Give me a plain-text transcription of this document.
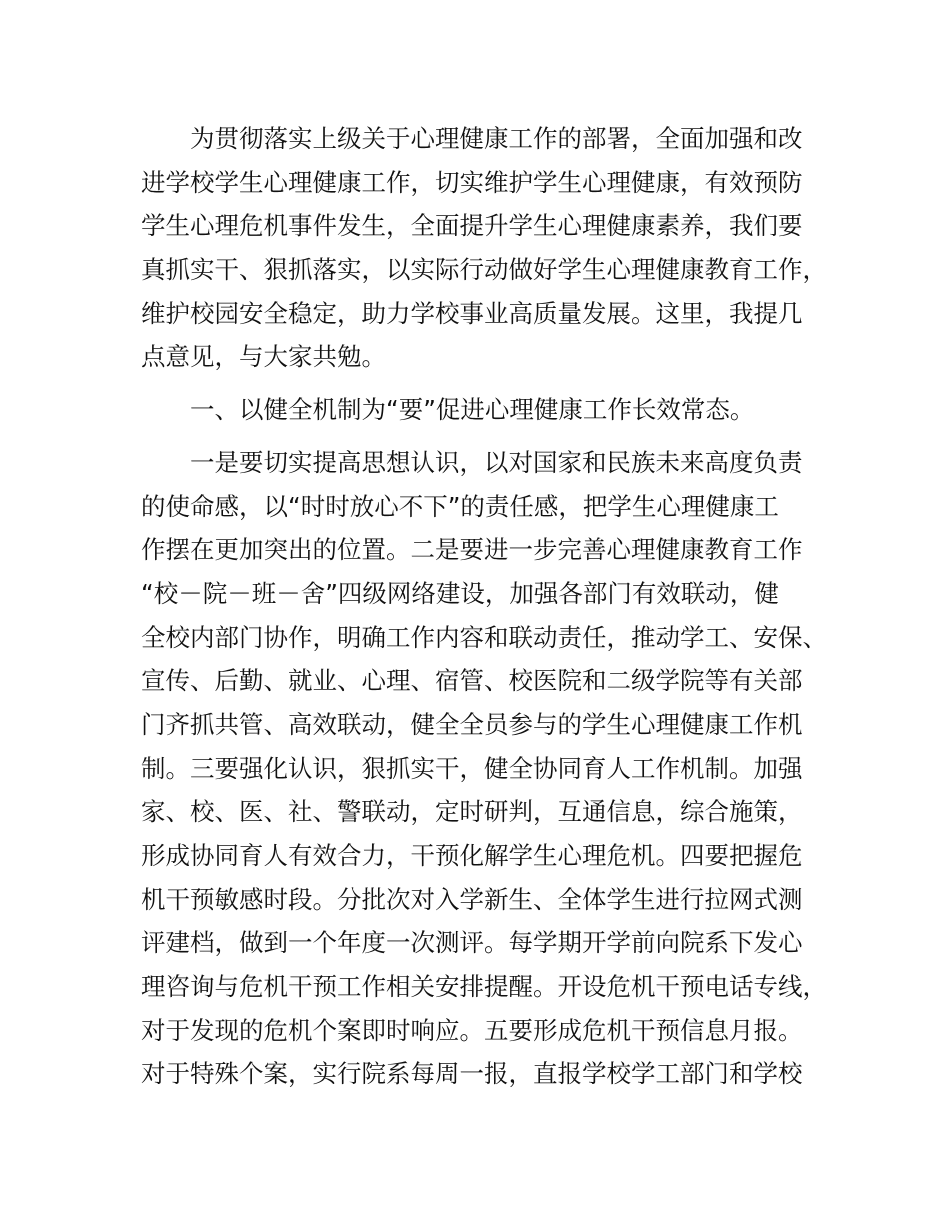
　　为贯彻落实上级关于心理健康工作的部署，全面加强和改
进学校学生心理健康工作，切实维护学生心理健康，有效预防
学生心理危机事件发生，全面提升学生心理健康素养，我们要
真抓实干、狠抓落实，以实际行动做好学生心理健康教育工作，
维护校园安全稳定，助力学校事业高质量发展。这里，我提几
点意见，与大家共勉。
　　一、以健全机制为“要”促进心理健康工作长效常态。
　　一是要切实提高思想认识，以对国家和民族未来高度负责
的使命感，以“时时放心不下”的责任感，把学生心理健康工
作摆在更加突出的位置。二是要进一步完善心理健康教育工作
“校－院－班－舍”四级网络建设，加强各部门有效联动，健
全校内部门协作，明确工作内容和联动责任，推动学工、安保、
宣传、后勤、就业、心理、宿管、校医院和二级学院等有关部
门齐抓共管、高效联动，健全全员参与的学生心理健康工作机
制。三要强化认识，狠抓实干，健全协同育人工作机制。加强
家、校、医、社、警联动，定时研判，互通信息，综合施策，
形成协同育人有效合力，干预化解学生心理危机。四要把握危
机干预敏感时段。分批次对入学新生、全体学生进行拉网式测
评建档，做到一个年度一次测评。每学期开学前向院系下发心
理咨询与危机干预工作相关安排提醒。开设危机干预电话专线，
对于发现的危机个案即时响应。五要形成危机干预信息月报。
对于特殊个案，实行院系每周一报，直报学校学工部门和学校
